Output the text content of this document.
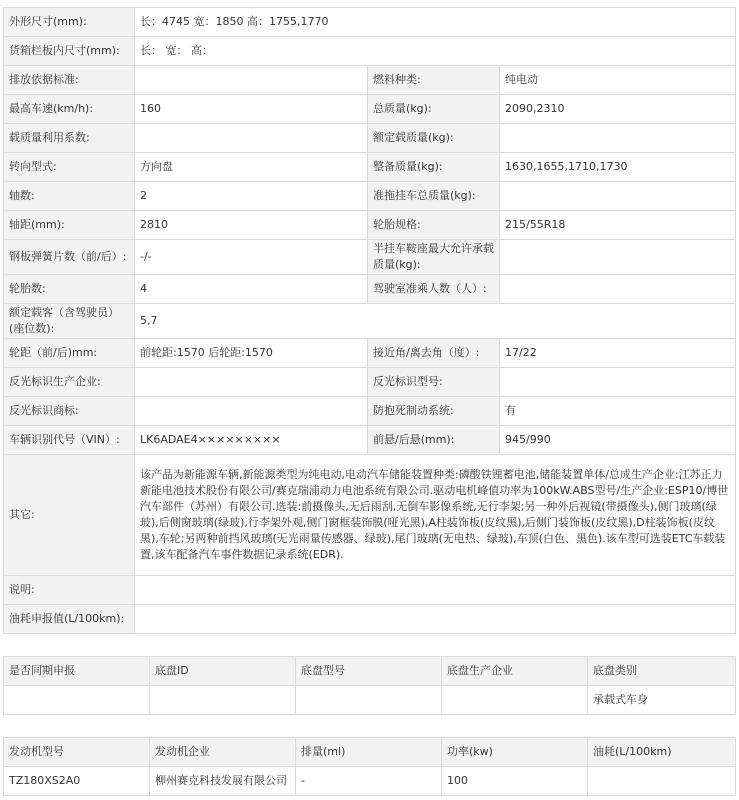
外形尺寸(mm):	长：4745 宽：1850 高：1755,1770		
货箱栏板内尺寸(mm):	长： 宽： 高：		
排放依据标准:		燃料种类:	纯电动
最高车速(km/h):	160	总质量(kg):	2090,2310
载质量利用系数:		额定载质量(kg):	
转向型式:	方向盘	整备质量(kg):	1630,1655,1710,1730
轴数:	2	准拖挂车总质量(kg):	
轴距(mm):	2810	轮胎规格:	215/55R18
钢板弹簧片数（前/后）:	-/-	半挂车鞍座最大允许承载质量(kg):	
轮胎数:	4	驾驶室准乘人数（人）:	
额定载客（含驾驶员）(座位数):	5,7		
轮距（前/后)mm:	前轮距:1570 后轮距:1570	接近角/离去角（度）:	17/22
反光标识生产企业:		反光标识型号:	
反光标识商标:		防抱死制动系统:	有
车辆识别代号（VIN）:	LK6ADAE4×××××××××	前悬/后悬(mm):	945/990
其它:	该产品为新能源车辆,新能源类型为纯电动,电动汽车储能装置种类:磷酸铁锂蓄电池,储能装置单体/总成生产企业:江苏正力新能电池技术股份有限公司/赛克瑞浦动力电池系统有限公司.驱动电机峰值功率为100kW.ABS型号/生产企业:ESP10/博世汽车部件（苏州）有限公司.选装:前摄像头,无后雨刮,无倒车影像系统,无行李架;另一种外后视镜(带摄像头),侧门玻璃(绿玻),后侧窗玻璃(绿玻),行李架外观,侧门窗框装饰膜(哑光黑),A柱装饰板(皮纹黑),后侧门装饰板(皮纹黑),D柱装饰板(皮纹黑),车轮;另两种前挡风玻璃(无光雨量传感器、绿玻),尾门玻璃(无电热、绿玻),车顶(白色、黑色).该车型可选装ETC车载装置,该车配备汽车事件数据记录系统(EDR).		
说明:			
油耗申报值(L/100km):			
是否同期申报	底盘ID	底盘型号	底盘生产企业	底盘类别
				承载式车身
发动机型号	发动机企业	排量(ml)	功率(kw)	油耗(L/100km)
TZ180XS2A0	柳州赛克科技发展有限公司	-	100	
